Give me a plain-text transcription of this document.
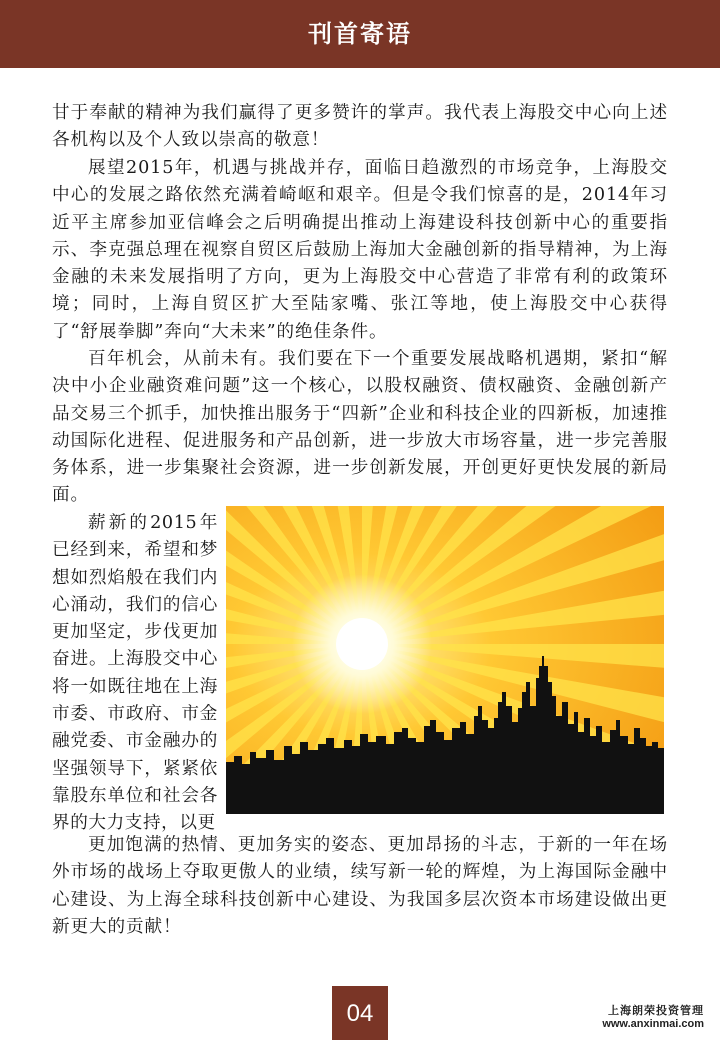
刊首寄语

甘于奉献的精神为我们赢得了更多赞许的掌声。我代表上海股交中心向上述各机构以及个人致以崇高的敬意！

展望2015年，机遇与挑战并存，面临日趋激烈的市场竞争，上海股交中心的发展之路依然充满着崎岖和艰辛。但是令我们惊喜的是，2014年习近平主席参加亚信峰会之后明确提出推动上海建设科技创新中心的重要指示、李克强总理在视察自贸区后鼓励上海加大金融创新的指导精神，为上海金融的未来发展指明了方向，更为上海股交中心营造了非常有利的政策环境；同时，上海自贸区扩大至陆家嘴、张江等地，使上海股交中心获得了“舒展拳脚”奔向“大未来”的绝佳条件。

百年机会，从前未有。我们要在下一个重要发展战略机遇期，紧扣“解决中小企业融资难问题”这一个核心，以股权融资、债权融资、金融创新产品交易三个抓手，加快推出服务于“四新”企业和科技企业的四新板，加速推动国际化进程、促进服务和产品创新，进一步放大市场容量，进一步完善服务体系，进一步集聚社会资源，进一步创新发展，开创更好更快发展的新局面。

薪新的2015年已经到来，希望和梦想如烈焰般在我们内心涌动，我们的信心更加坚定，步伐更加奋进。上海股交中心将一如既往地在上海市委、市政府、市金融党委、市金融办的坚强领导下，紧紧依靠股东单位和社会各界的大力支持，以更

更加饱满的热情、更加务实的姿态、更加昂扬的斗志，于新的一年在场外市场的战场上夺取更傲人的业绩，续写新一轮的辉煌，为上海国际金融中心建设、为上海全球科技创新中心建设、为我国多层次资本市场建设做出更新更大的贡献！

04	上海朗荣投资管理
www.anxinmai.com
